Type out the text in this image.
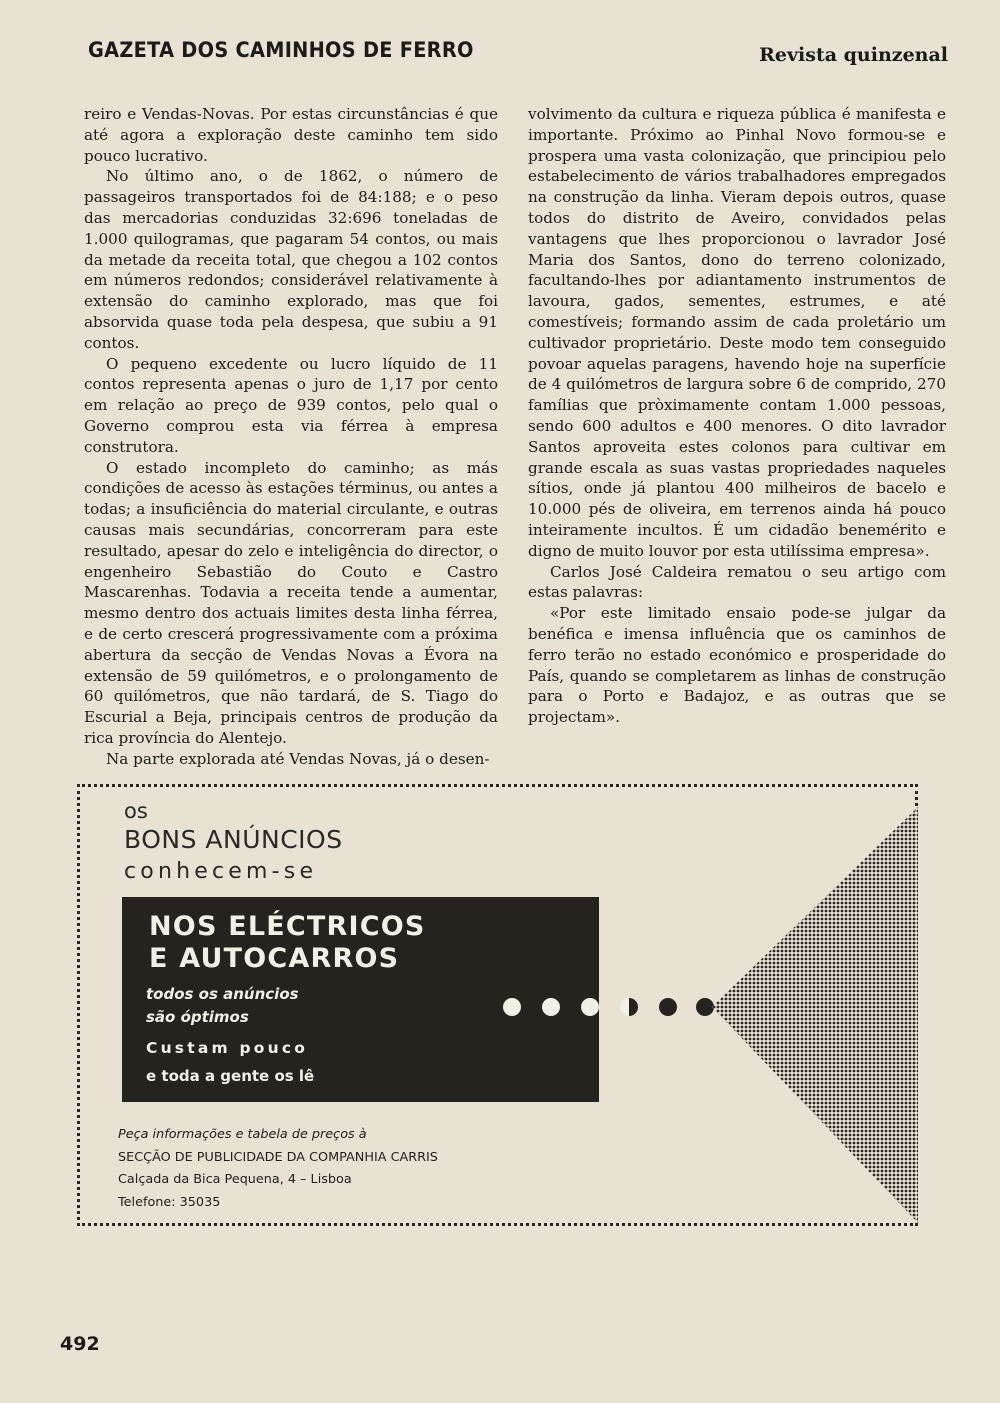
GAZETA DOS CAMINHOS DE FERRO	Revista quinzenal

reiro e Vendas-Novas. Por estas circunstâncias é que até agora a exploração deste caminho tem sido pouco lucrativo.

No último ano, o de 1862, o número de passageiros transportados foi de 84:188; e o peso das mercadorias conduzidas 32:696 toneladas de 1.000 quilogramas, que pagaram 54 contos, ou mais da metade da receita total, que chegou a 102 contos em números redondos; considerável relativamente à extensão do caminho explorado, mas que foi absorvida quase toda pela despesa, que subiu a 91 contos.

O pequeno excedente ou lucro líquido de 11 contos representa apenas o juro de 1,17 por cento em relação ao preço de 939 contos, pelo qual o Governo comprou esta via férrea à empresa construtora.

O estado incompleto do caminho; as más condições de acesso às estações términus, ou antes a todas; a insuficiência do material circulante, e outras causas mais secundárias, concorreram para este resultado, apesar do zelo e inteligência do director, o engenheiro Sebastião do Couto e Castro Mascarenhas. Todavia a receita tende a aumentar, mesmo dentro dos actuais limites desta linha férrea, e de certo crescerá progressivamente com a próxima abertura da secção de Vendas Novas a Évora na extensão de 59 quilómetros, e o prolongamento de 60 quilómetros, que não tardará, de S. Tiago do Escurial a Beja, principais centros de produção da rica província do Alentejo.

Na parte explorada até Vendas Novas, já o desen-

volvimento da cultura e riqueza pública é manifesta e importante. Próximo ao Pinhal Novo formou-se e prospera uma vasta colonização, que principiou pelo estabelecimento de vários trabalhadores empregados na construção da linha. Vieram depois outros, quase todos do distrito de Aveiro, convidados pelas vantagens que lhes proporcionou o lavrador José Maria dos Santos, dono do terreno colonizado, facultando-lhes por adiantamento instrumentos de lavoura, gados, sementes, estrumes, e até comestíveis; formando assim de cada proletário um cultivador proprietário. Deste modo tem conseguido povoar aquelas paragens, havendo hoje na superfície de 4 quilómetros de largura sobre 6 de comprido, 270 famílias que pròximamente contam 1.000 pessoas, sendo 600 adultos e 400 menores. O dito lavrador Santos aproveita estes colonos para cultivar em grande escala as suas vastas propriedades naqueles sítios, onde já plantou 400 milheiros de bacelo e 10.000 pés de oliveira, em terrenos ainda há pouco inteiramente incultos. É um cidadão benemérito e digno de muito louvor por esta utilíssima empresa».

Carlos José Caldeira rematou o seu artigo com estas palavras:

«Por este limitado ensaio pode-se julgar da benéfica e imensa influência que os caminhos de ferro terão no estado económico e prosperidade do País, quando se completarem as linhas de construção para o Porto e Badajoz, e as outras que se projectam».

os
BONS ANÚNCIOS
conhecem-se
NOS ELÉCTRICOS
E AUTOCARROS
todos os anúncios
são óptimos
Custam pouco
e toda a gente os lê
Peça informações e tabela de preços à
SECÇÃO DE PUBLICIDADE DA COMPANHIA CARRIS
Calçada da Bica Pequena, 4 – Lisboa
Telefone: 35035
492
